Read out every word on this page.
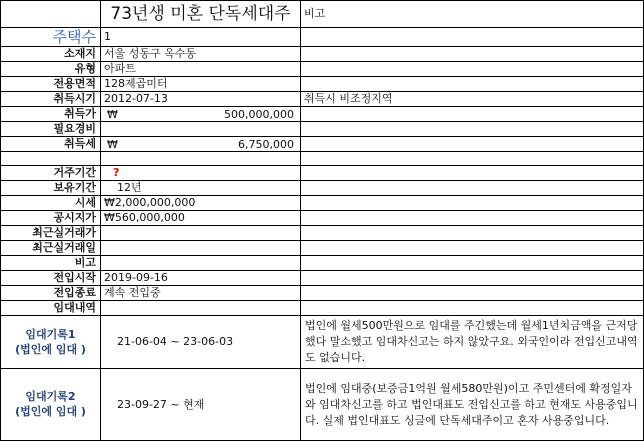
	73년생 미혼 단독세대주	비고
주택수	1	
소재지	서울 성동구 옥수동	
유형	아파트	
전용면적	128제곱미터	
취득시기	2012-07-13	취득시 비조정지역
취득가	₩ 500,000,000	

필요경비		
취득세	₩ 6,750,000	

거주기간	?	
보유기간	12년	
시세	₩2,000,000,000	
공시지가	₩560,000,000	
최근실거래가		
최근실거래일		
비고		
전입시작	2019-09-16	
전입종료	계속 전입중	
임대내역		

임대기록1
(법인에 임대 )	21-06-04 ~ 23-06-03	법인에 월세500만원으로 임대를 주긴했는데 월세1년치금액을 근저당했다 말소했고 임대차신고는 하지 않았구요. 외국인이라 전입신고내역도 없습니다.

임대기록2
(법인에 임대 )	23-09-27 ~ 현재	법인에 임대중(보증금1억원 월세580만원)이고 주민센터에 확정일자와 임대차신고를 하고 법인대표도 전입신고를 하고 현재도 사용중입니다. 실제 법인대표도 싱글에 단독세대주이고 혼자 사용중입니다.
